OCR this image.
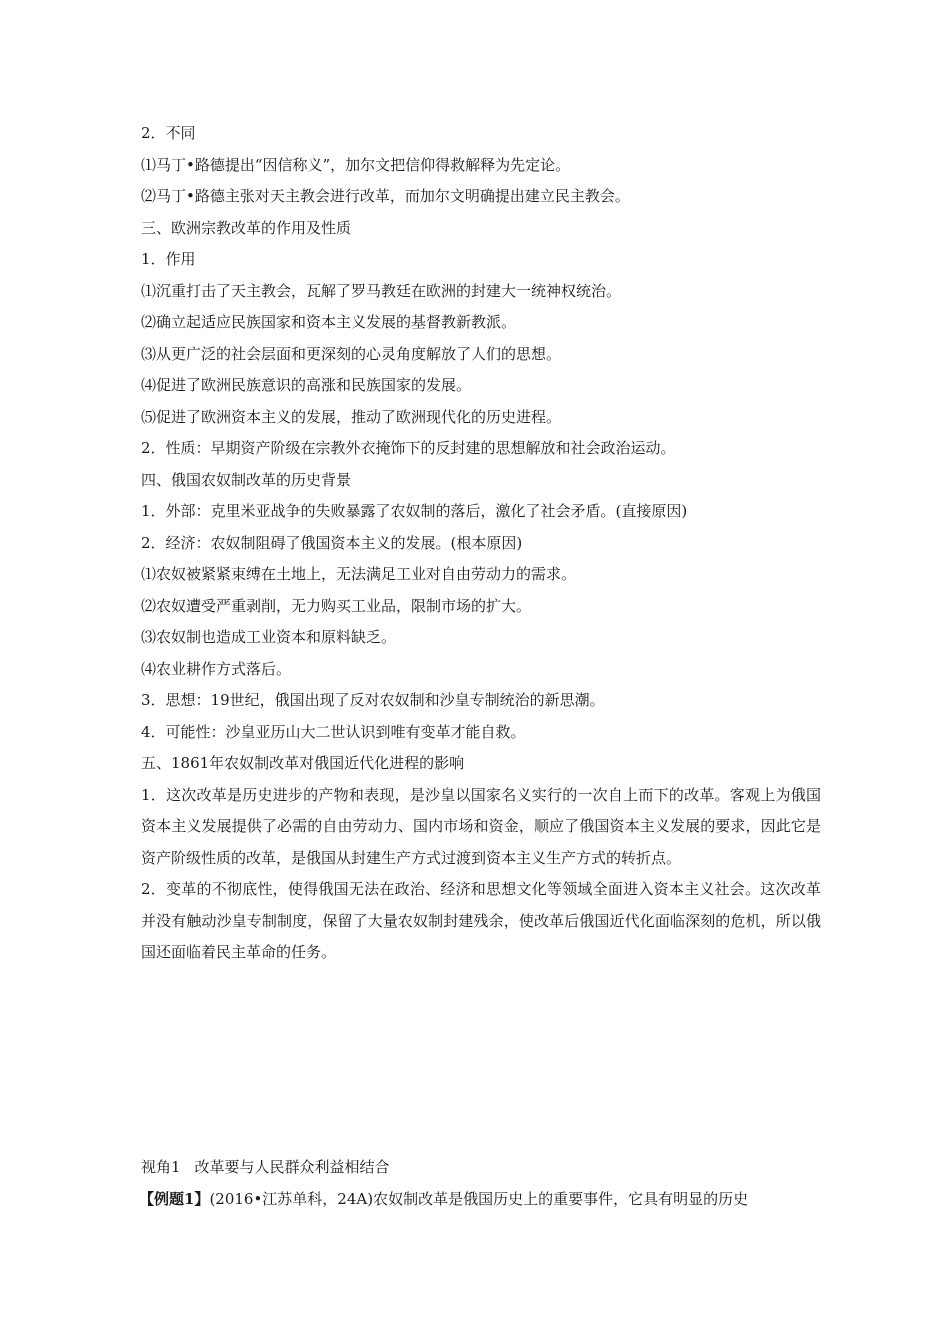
2．不同
⑴马丁•路德提出“因信称义”，加尔文把信仰得救解释为先定论。
⑵马丁•路德主张对天主教会进行改革，而加尔文明确提出建立民主教会。
三、欧洲宗教改革的作用及性质
1．作用
⑴沉重打击了天主教会，瓦解了罗马教廷在欧洲的封建大一统神权统治。
⑵确立起适应民族国家和资本主义发展的基督教新教派。
⑶从更广泛的社会层面和更深刻的心灵角度解放了人们的思想。
⑷促进了欧洲民族意识的高涨和民族国家的发展。
⑸促进了欧洲资本主义的发展，推动了欧洲现代化的历史进程。
2．性质：早期资产阶级在宗教外衣掩饰下的反封建的思想解放和社会政治运动。
四、俄国农奴制改革的历史背景
1．外部：克里米亚战争的失败暴露了农奴制的落后，激化了社会矛盾。(直接原因)
2．经济：农奴制阻碍了俄国资本主义的发展。(根本原因)
⑴农奴被紧紧束缚在土地上，无法满足工业对自由劳动力的需求。
⑵农奴遭受严重剥削，无力购买工业品，限制市场的扩大。
⑶农奴制也造成工业资本和原料缺乏。
⑷农业耕作方式落后。
3．思想：19世纪，俄国出现了反对农奴制和沙皇专制统治的新思潮。
4．可能性：沙皇亚历山大二世认识到唯有变革才能自救。
五、1861年农奴制改革对俄国近代化进程的影响
1．这次改革是历史进步的产物和表现，是沙皇以国家名义实行的一次自上而下的改革。客观上为俄国资本主义发展提供了必需的自由劳动力、国内市场和资金，顺应了俄国资本主义发展的要求，因此它是资产阶级性质的改革，是俄国从封建生产方式过渡到资本主义生产方式的转折点。
2．变革的不彻底性，使得俄国无法在政治、经济和思想文化等领域全面进入资本主义社会。这次改革并没有触动沙皇专制制度，保留了大量农奴制封建残余，使改革后俄国近代化面临深刻的危机，所以俄国还面临着民主革命的任务。
视角1 改革要与人民群众利益相结合
【例题1】(2016•江苏单科，24A)农奴制改革是俄国历史上的重要事件，它具有明显的历史
